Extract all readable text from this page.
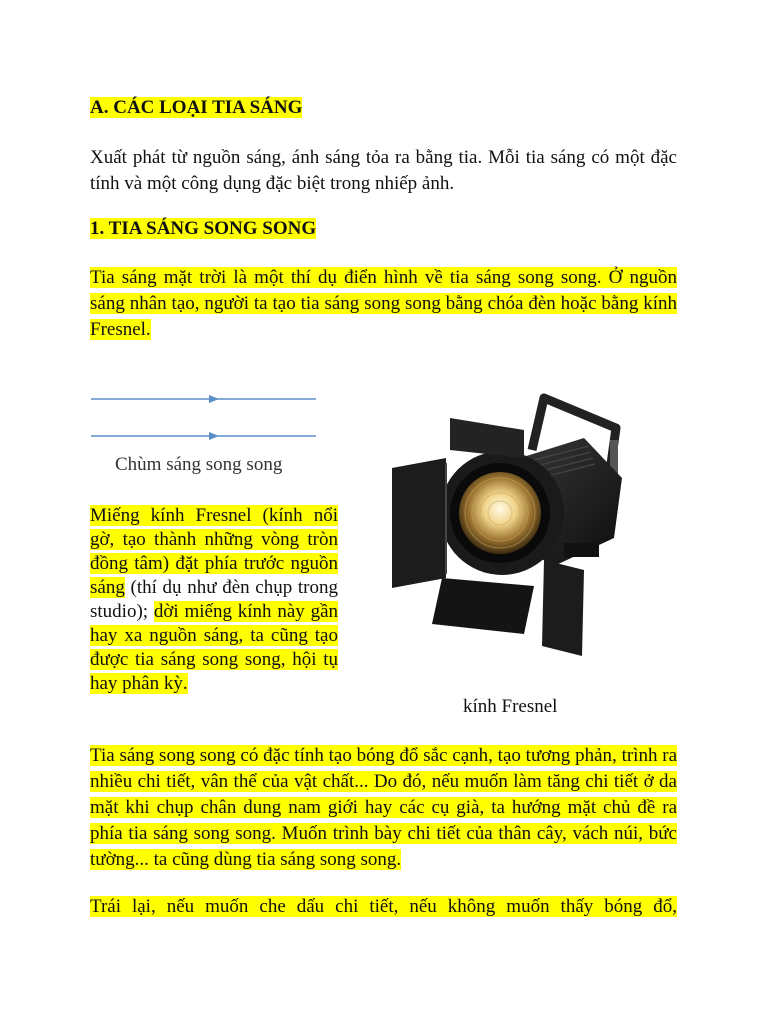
A. CÁC LOẠI TIA SÁNG
Xuất phát từ nguồn sáng, ánh sáng tỏa ra bằng tia. Mỗi tia sáng có một đặc tính và một công dụng đặc biệt trong nhiếp ảnh.
1. TIA SÁNG SONG SONG
Tia sáng mặt trời là một thí dụ điển hình về tia sáng song song. Ở nguồn sáng nhân tạo, người ta tạo tia sáng song song bằng chóa đèn hoặc bằng kính Fresnel.
Chùm sáng song song
Miếng kính Fresnel (kính nổi gờ, tạo thành những vòng tròn đồng tâm) đặt phía trước nguồn sáng (thí dụ như đèn chụp trong studio); dời miếng kính này gần hay xa nguồn sáng, ta cũng tạo được tia sáng song song, hội tụ hay phân kỳ.
kính Fresnel
Tia sáng song song có đặc tính tạo bóng đổ sắc cạnh, tạo tương phản, trình ra nhiều chi tiết, vân thể của vật chất... Do đó, nếu muốn làm tăng chi tiết ở da mặt khi chụp chân dung nam giới hay các cụ già, ta hướng mặt chủ đề ra phía tia sáng song song. Muốn trình bày chi tiết của thân cây, vách núi, bức tường... ta cũng dùng tia sáng song song.
Trái lại, nếu muốn che dấu chi tiết, nếu không muốn thấy bóng đổ,
